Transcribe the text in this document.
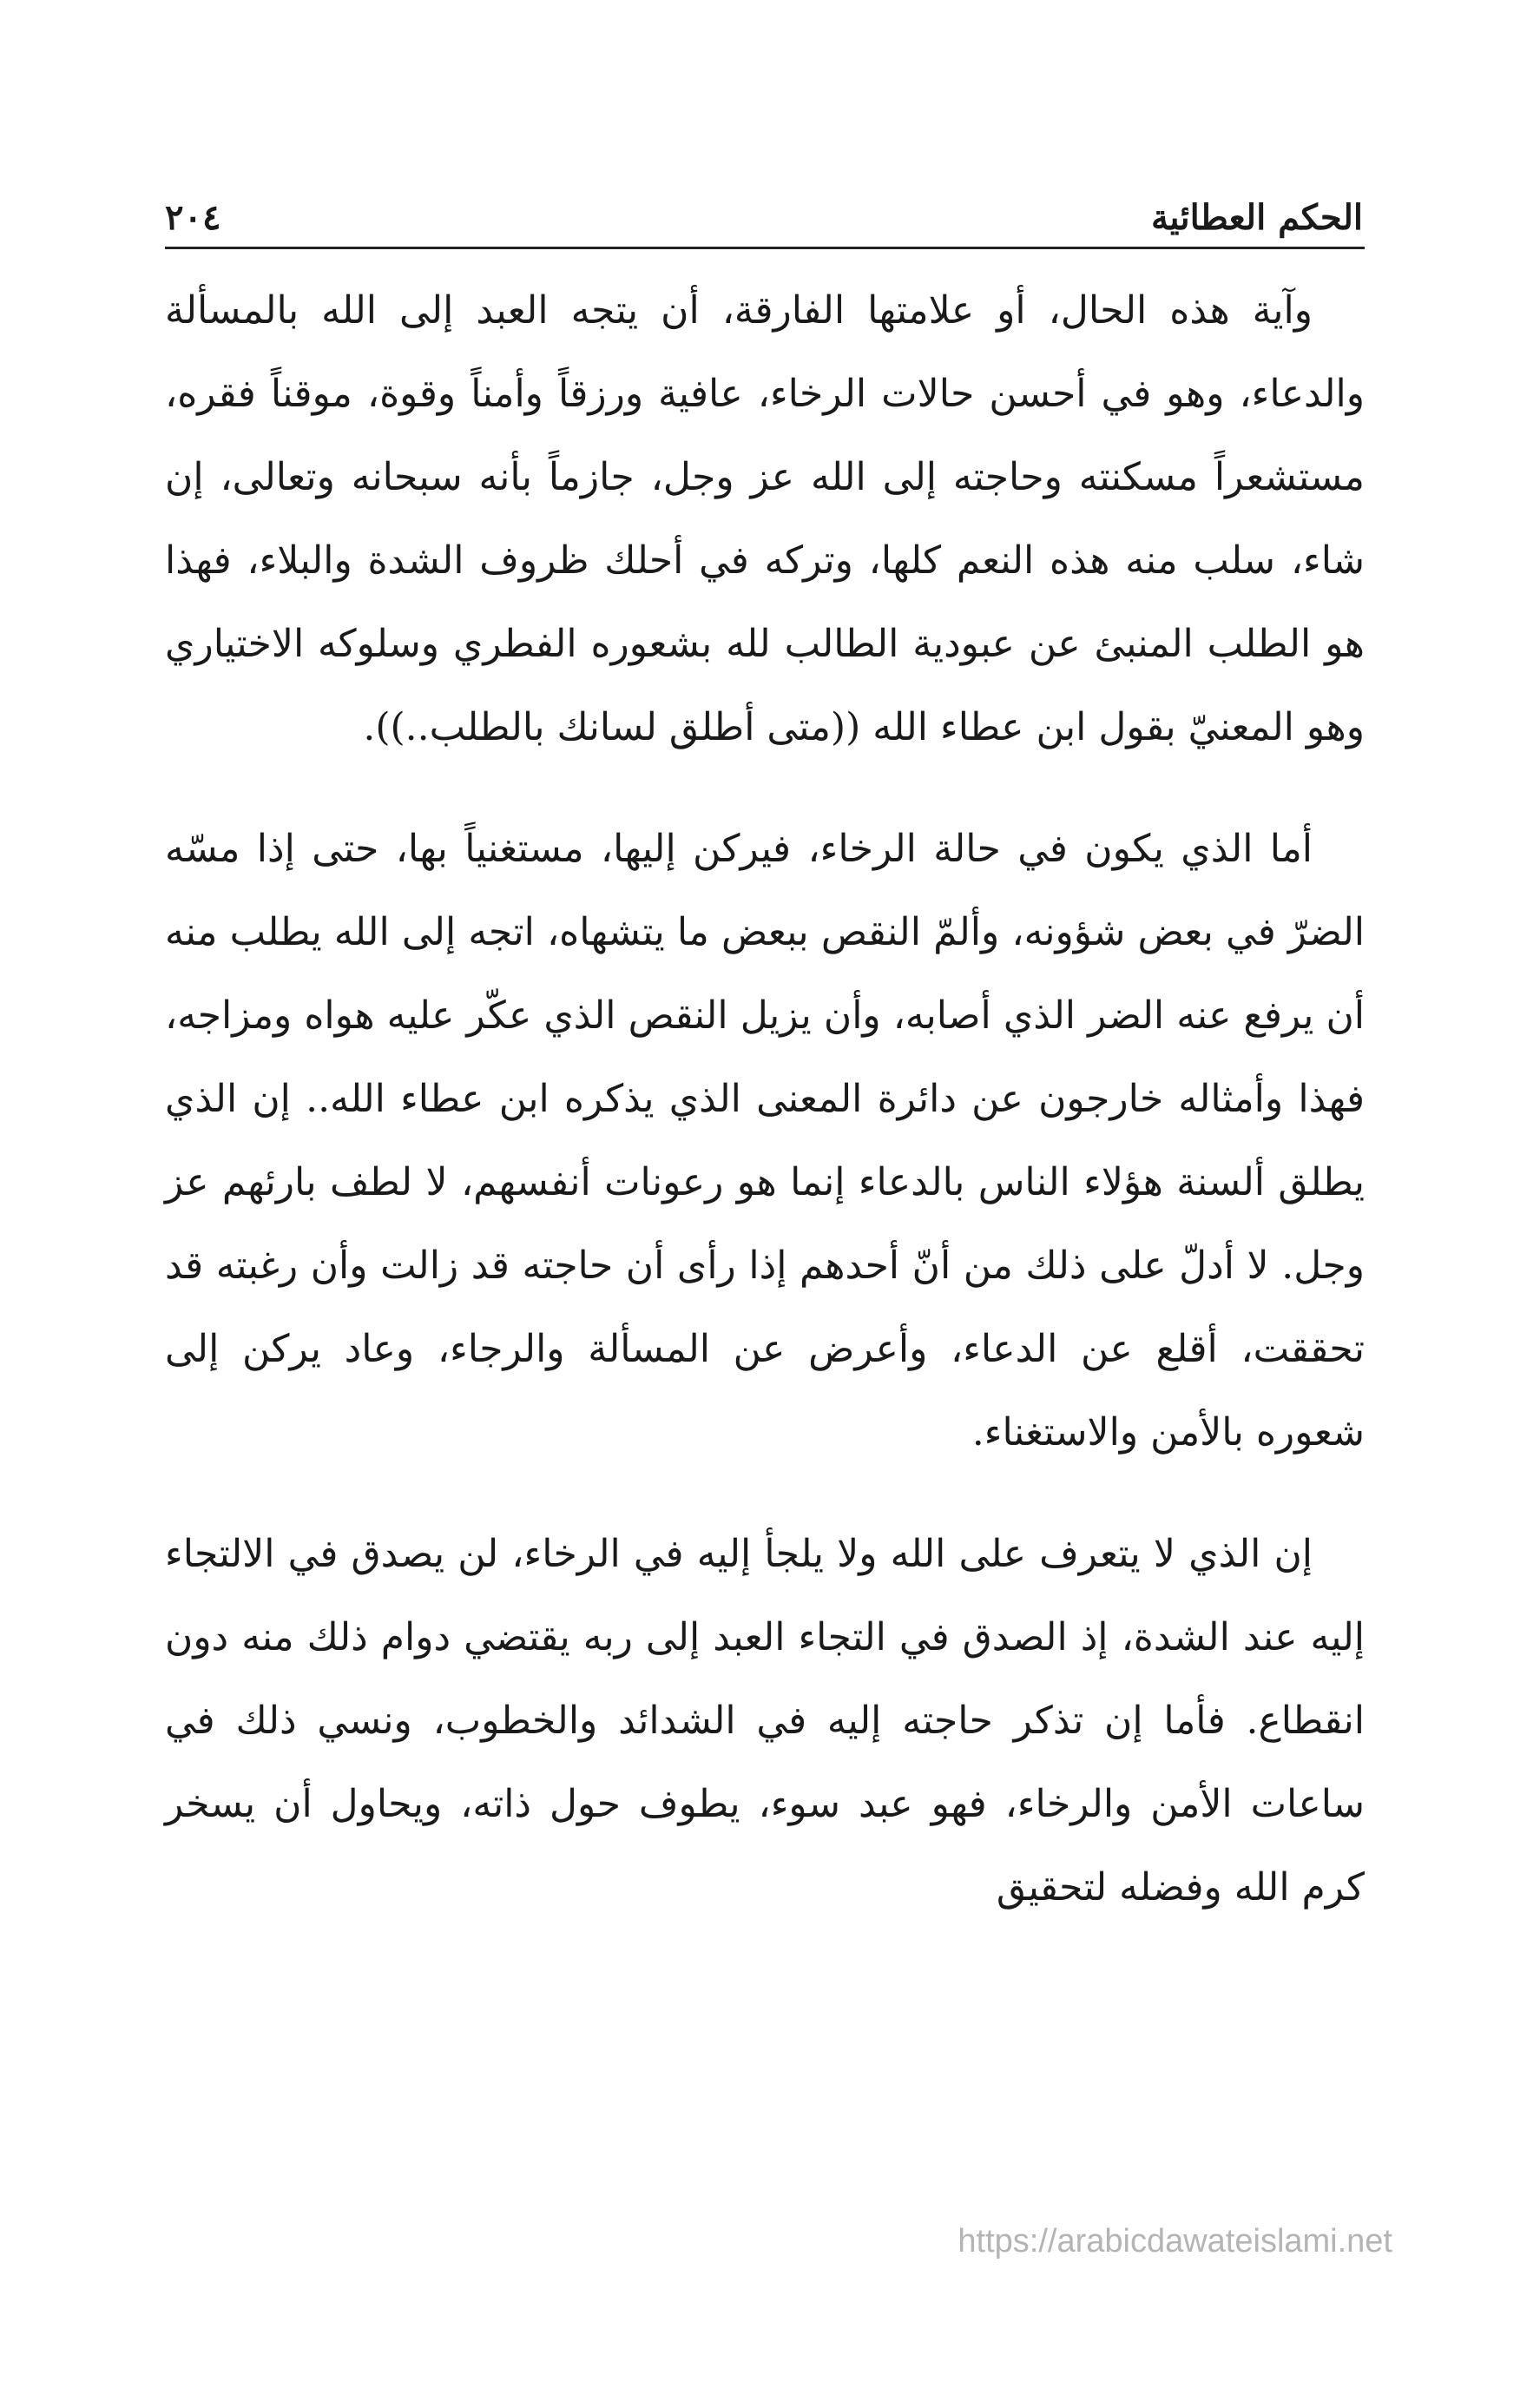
الحكم العطائية
٢٠٤

وآية هذه الحال، أو علامتها الفارقة، أن يتجه العبد إلى الله بالمسألة والدعاء، وهو في أحسن حالات الرخاء، عافية ورزقاً وأمناً وقوة، موقناً فقره، مستشعراً مسكنته وحاجته إلى الله عز وجل، جازماً بأنه سبحانه وتعالى، إن شاء، سلب منه هذه النعم كلها، وتركه في أحلك ظروف الشدة والبلاء، فهذا هو الطلب المنبئ عن عبودية الطالب لله بشعوره الفطري وسلوكه الاختياري وهو المعنيّ بقول ابن عطاء الله ((متى أطلق لسانك بالطلب..)).

أما الذي يكون في حالة الرخاء، فيركن إليها، مستغنياً بها، حتى إذا مسّه الضرّ في بعض شؤونه، وألمّ النقص ببعض ما يتشهاه، اتجه إلى الله يطلب منه أن يرفع عنه الضر الذي أصابه، وأن يزيل النقص الذي عكّر عليه هواه ومزاجه، فهذا وأمثاله خارجون عن دائرة المعنى الذي يذكره ابن عطاء الله.. إن الذي يطلق ألسنة هؤلاء الناس بالدعاء إنما هو رعونات أنفسهم، لا لطف بارئهم عز وجل. لا أدلّ على ذلك من أنّ أحدهم إذا رأى أن حاجته قد زالت وأن رغبته قد تحققت، أقلع عن الدعاء، وأعرض عن المسألة والرجاء، وعاد يركن إلى شعوره بالأمن والاستغناء.

إن الذي لا يتعرف على الله ولا يلجأ إليه في الرخاء، لن يصدق في الالتجاء إليه عند الشدة، إذ الصدق في التجاء العبد إلى ربه يقتضي دوام ذلك منه دون انقطاع. فأما إن تذكر حاجته إليه في الشدائد والخطوب، ونسي ذلك في ساعات الأمن والرخاء، فهو عبد سوء، يطوف حول ذاته، ويحاول أن يسخر كرم الله وفضله لتحقيق

https://arabicdawateislami.net
